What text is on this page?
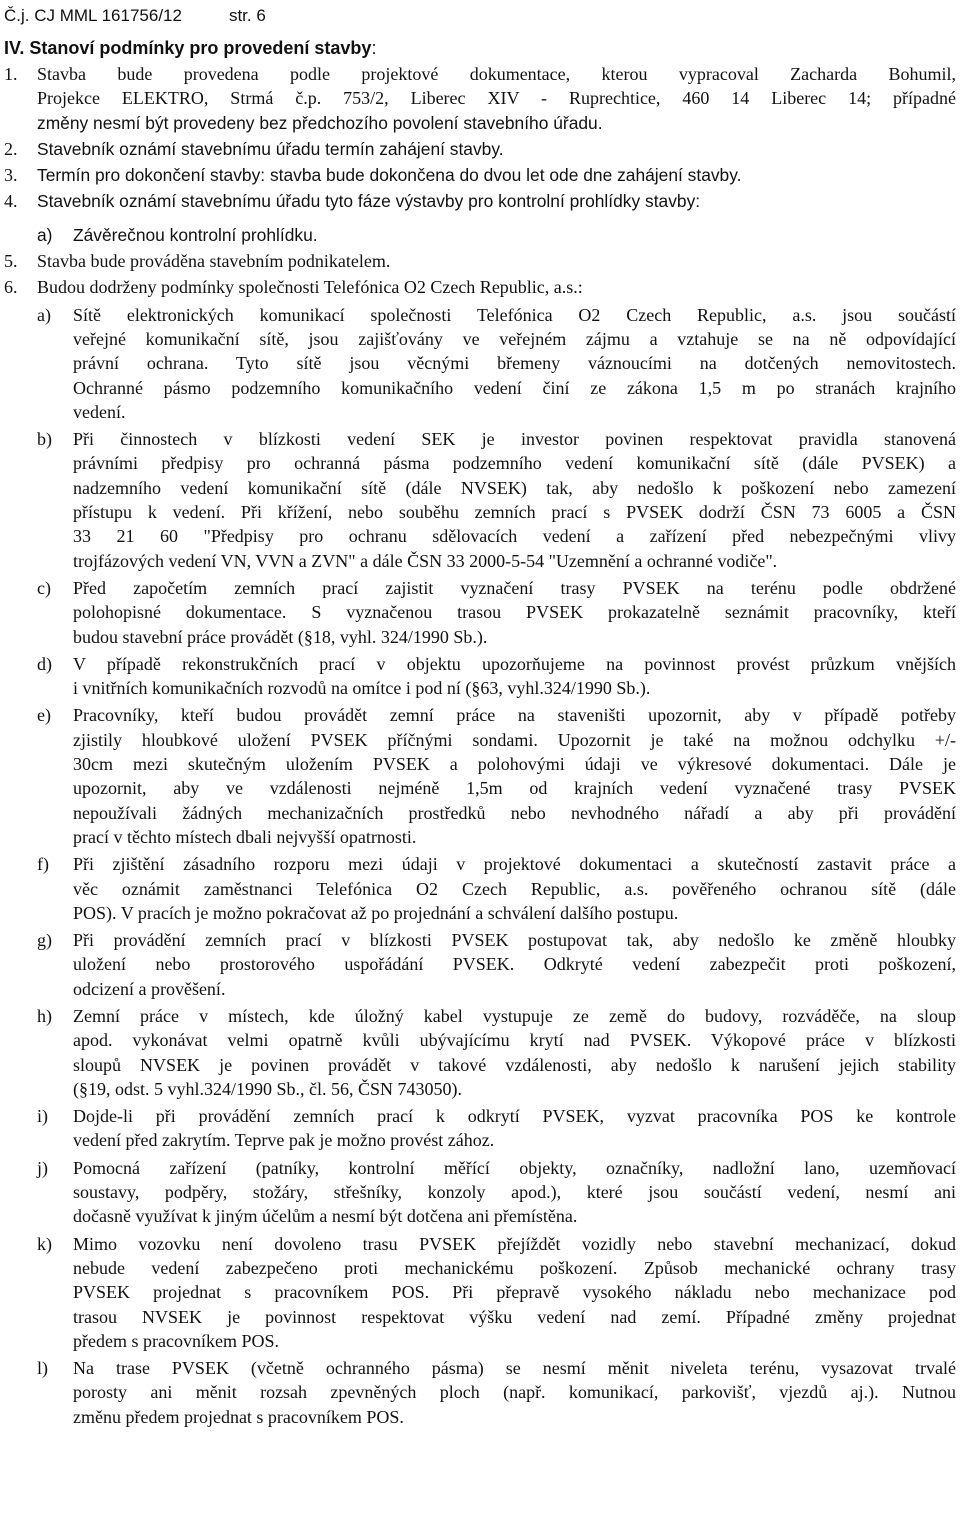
Č.j. CJ MML 161756/12	str. 6
IV. Stanoví podmínky pro provedení stavby:
1.	Stavba bude provedena podle projektové dokumentace, kterou vypracoval Zacharda Bohumil,
Projekce ELEKTRO, Strmá č.p. 753/2, Liberec XIV - Ruprechtice, 460 14 Liberec 14; případné
změny nesmí být provedeny bez předchozího povolení stavebního úřadu.
2.	Stavebník oznámí stavebnímu úřadu termín zahájení stavby.
3.	Termín pro dokončení stavby: stavba bude dokončena do dvou let ode dne zahájení stavby.
4.	Stavebník oznámí stavebnímu úřadu tyto fáze výstavby pro kontrolní prohlídky stavby:
a)	Závěrečnou kontrolní prohlídku.
5.	Stavba bude prováděna stavebním podnikatelem.
6.	Budou dodrženy podmínky společnosti Telefónica O2 Czech Republic, a.s.:
a)	Sítě elektronických komunikací společnosti Telefónica O2 Czech Republic, a.s. jsou součástí
veřejné komunikační sítě, jsou zajišťovány ve veřejném zájmu a vztahuje se na ně odpovídající
právní ochrana. Tyto sítě jsou věcnými břemeny váznoucími na dotčených nemovitostech.
Ochranné pásmo podzemního komunikačního vedení činí ze zákona 1,5 m po stranách krajního
vedení.
b)	Při činnostech v blízkosti vedení SEK je investor povinen respektovat pravidla stanovená
právními předpisy pro ochranná pásma podzemního vedení komunikační sítě (dále PVSEK) a
nadzemního vedení komunikační sítě (dále NVSEK) tak, aby nedošlo k poškození nebo zamezení
přístupu k vedení. Při křížení, nebo souběhu zemních prací s PVSEK dodrží ČSN 73 6005 a ČSN
33 21 60 "Předpisy pro ochranu sdělovacích vedení a zařízení před nebezpečnými vlivy
trojfázových vedení VN, VVN a ZVN" a dále ČSN 33 2000-5-54 "Uzemnění a ochranné vodiče".
c)	Před započetím zemních prací zajistit vyznačení trasy PVSEK na terénu podle obdržené
polohopisné dokumentace. S vyznačenou trasou PVSEK prokazatelně seznámit pracovníky, kteří
budou stavební práce provádět (§18, vyhl. 324/1990 Sb.).
d)	V případě rekonstrukčních prací v objektu upozorňujeme na povinnost provést průzkum vnějších
i vnitřních komunikačních rozvodů na omítce i pod ní (§63, vyhl.324/1990 Sb.).
e)	Pracovníky, kteří budou provádět zemní práce na staveništi upozornit, aby v případě potřeby
zjistily hloubkové uložení PVSEK příčnými sondami. Upozornit je také na možnou odchylku +/-
30cm mezi skutečným uložením PVSEK a polohovými údaji ve výkresové dokumentaci. Dále je
upozornit, aby ve vzdálenosti nejméně 1,5m od krajních vedení vyznačené trasy PVSEK
nepoužívali žádných mechanizačních prostředků nebo nevhodného nářadí a aby při provádění
prací v těchto místech dbali nejvyšší opatrnosti.
f)	Při zjištění zásadního rozporu mezi údaji v projektové dokumentaci a skutečností zastavit práce a
věc oznámit zaměstnanci Telefónica O2 Czech Republic, a.s. pověřeného ochranou sítě (dále
POS). V pracích je možno pokračovat až po projednání a schválení dalšího postupu.
g)	Při provádění zemních prací v blízkosti PVSEK postupovat tak, aby nedošlo ke změně hloubky
uložení nebo prostorového uspořádání PVSEK. Odkryté vedení zabezpečit proti poškození,
odcizení a prověšení.
h)	Zemní práce v místech, kde úložný kabel vystupuje ze země do budovy, rozváděče, na sloup
apod. vykonávat velmi opatrně kvůli ubývajícímu krytí nad PVSEK. Výkopové práce v blízkosti
sloupů NVSEK je povinen provádět v takové vzdálenosti, aby nedošlo k narušení jejich stability
(§19, odst. 5 vyhl.324/1990 Sb., čl. 56, ČSN 743050).
i)	Dojde-li při provádění zemních prací k odkrytí PVSEK, vyzvat pracovníka POS ke kontrole
vedení před zakrytím. Teprve pak je možno provést zához.
j)	Pomocná zařízení (patníky, kontrolní měřící objekty, označníky, nadložní lano, uzemňovací
soustavy, podpěry, stožáry, střešníky, konzoly apod.), které jsou součástí vedení, nesmí ani
dočasně využívat k jiným účelům a nesmí být dotčena ani přemístěna.
k)	Mimo vozovku není dovoleno trasu PVSEK přejíždět vozidly nebo stavební mechanizací, dokud
nebude vedení zabezpečeno proti mechanickému poškození. Způsob mechanické ochrany trasy
PVSEK projednat s pracovníkem POS. Při přepravě vysokého nákladu nebo mechanizace pod
trasou NVSEK je povinnost respektovat výšku vedení nad zemí. Případné změny projednat
předem s pracovníkem POS.
l)	Na trase PVSEK (včetně ochranného pásma) se nesmí měnit niveleta terénu, vysazovat trvalé
porosty ani měnit rozsah zpevněných ploch (např. komunikací, parkovišť, vjezdů aj.). Nutnou
změnu předem projednat s pracovníkem POS.
